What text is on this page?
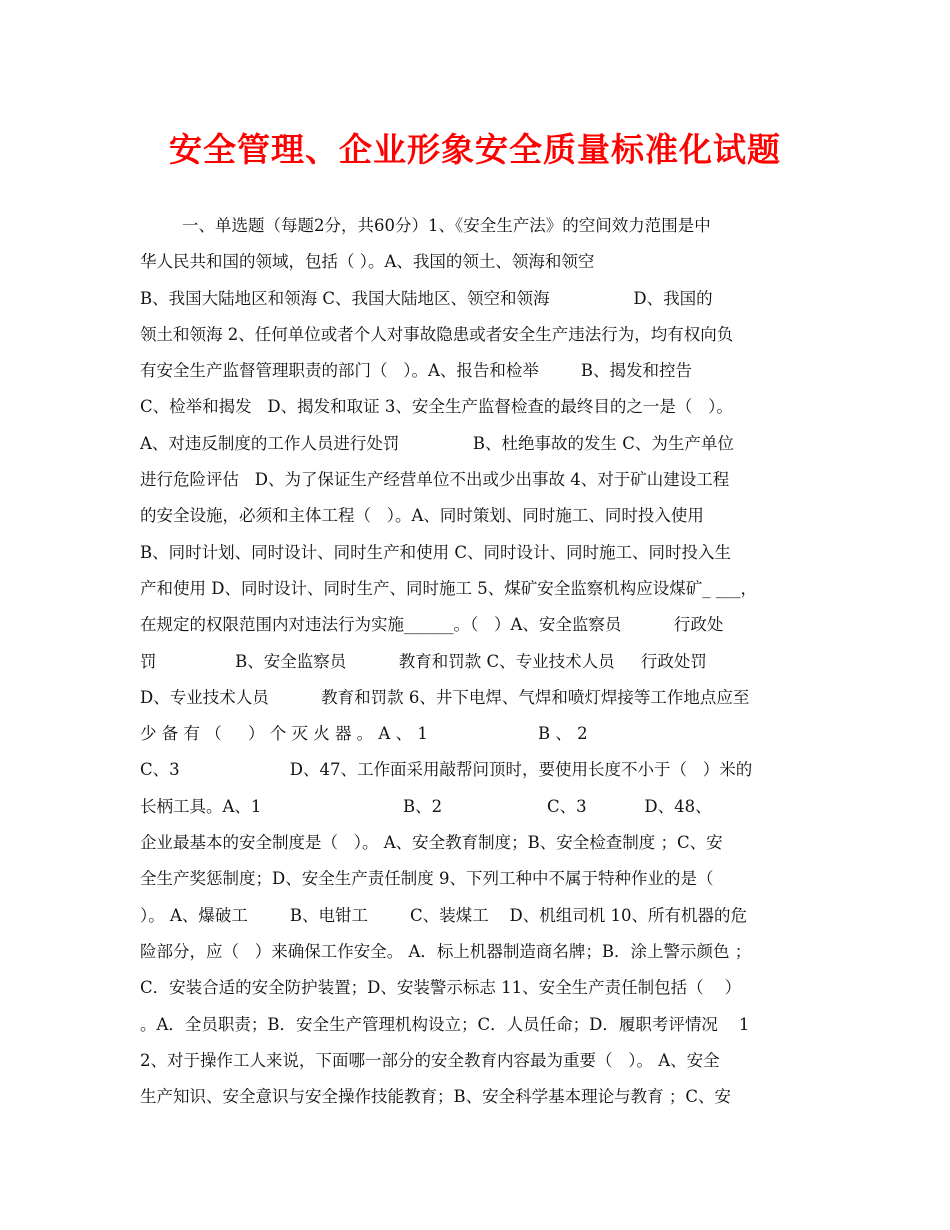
安全管理、企业形象安全质量标准化试题
一、单选题（每题2分，共60分）1、《安全生产法》的空间效力范围是中
华人民共和国的领域，包括（ ）。A、我国的领土、领海和领空
B、我国大陆地区和领海 C、我国大陆地区、领空和领海                D、我国的
领土和领海 2、任何单位或者个人对事故隐患或者安全生产违法行为，均有权向负
有安全生产监督管理职责的部门（   ）。A、报告和检举        B、揭发和控告
C、检举和揭发   D、揭发和取证 3、安全生产监督检查的最终目的之一是（   ）。
A、对违反制度的工作人员进行处罚              B、杜绝事故的发生 C、为生产单位
进行危险评估   D、为了保证生产经营单位不出或少出事故 4、对于矿山建设工程
的安全设施，必须和主体工程（   ）。A、同时策划、同时施工、同时投入使用
B、同时计划、同时设计、同时生产和使用 C、同时设计、同时施工、同时投入生
产和使用 D、同时设计、同时生产、同时施工 5、煤矿安全监察机构应设煤矿_ ___，
在规定的权限范围内对违法行为实施______。（   ）A、安全监察员          行政处
罚               B、安全监察员          教育和罚款 C、专业技术人员     行政处罚
D、专业技术人员          教育和罚款 6、井下电焊、气焊和喷灯焊接等工作地点应至
少 备 有 （     ） 个 灭 火 器 。 A 、 1                     B 、 2
C、3                     D、47、工作面采用敲帮问顶时，要使用长度不小于（   ）米的
长柄工具。A、1                           B、2                    C、3           D、48、
企业最基本的安全制度是（   ）。 A、安全教育制度；B、安全检查制度 ；C、安
全生产奖惩制度；D、安全生产责任制度 9、下列工种中不属于特种作业的是（
）。 A、爆破工        B、电钳工        C、装煤工    D、机组司机 10、所有机器的危
险部分，应（   ）来确保工作安全。 A．标上机器制造商名牌；B．涂上警示颜色 ；
C．安装合适的安全防护装置；D、安装警示标志 11、安全生产责任制包括（    ）
。A．全员职责；B．安全生产管理机构设立；C．人员任命；D．履职考评情况    1
2、对于操作工人来说，下面哪一部分的安全教育内容最为重要（   ）。 A、安全
生产知识、安全意识与安全操作技能教育；B、安全科学基本理论与教育 ；C、安
